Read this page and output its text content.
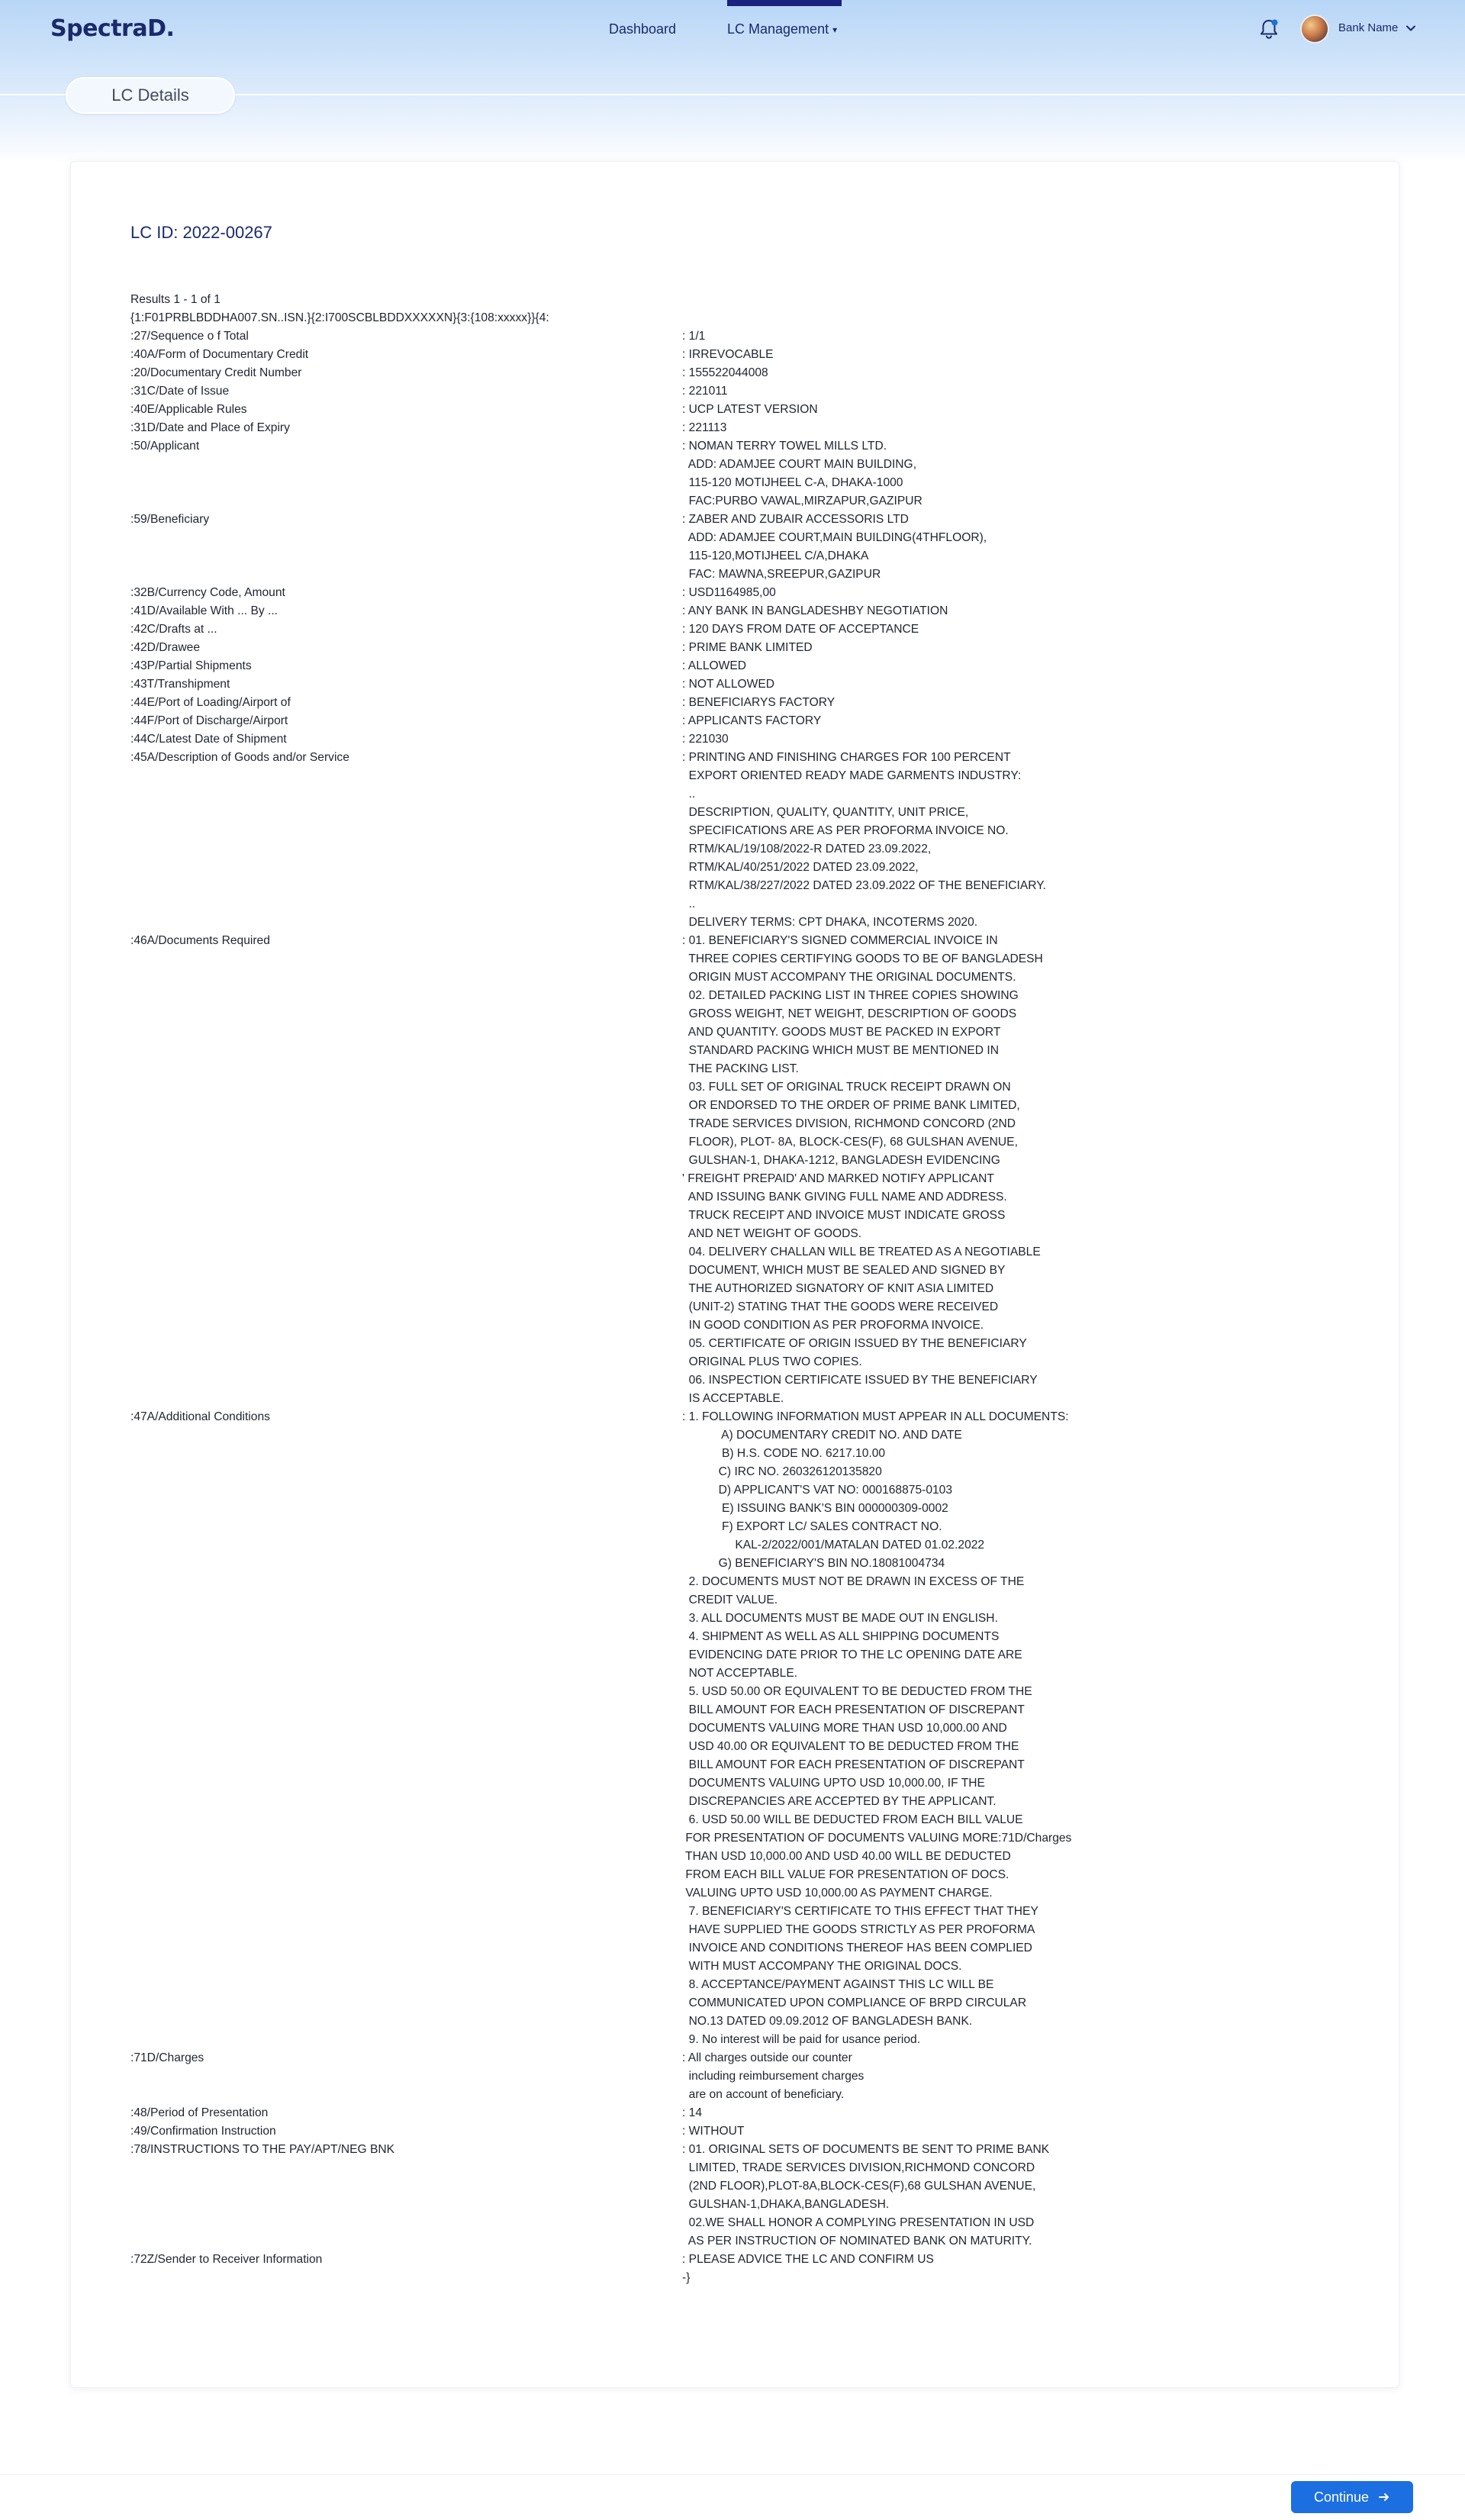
SpectraD.	Dashboard	LC Management ▾	Bank Name
LC Details
LC ID: 2022-00267
Results 1 - 1 of 1
{1:F01PRBLBDDHA007.SN..ISN.}{2:I700SCBLBDDXXXXXN}{3:{108:xxxxx}}{4:
:27/Sequence o f Total	: 1/1
:40A/Form of Documentary Credit	: IRREVOCABLE
:20/Documentary Credit Number	: 155522044008
:31C/Date of Issue	: 221011
:40E/Applicable Rules	: UCP LATEST VERSION
:31D/Date and Place of Expiry	: 221113
:50/Applicant	: NOMAN TERRY TOWEL MILLS LTD.
ADD: ADAMJEE COURT MAIN BUILDING,
115-120 MOTIJHEEL C-A, DHAKA-1000
FAC:PURBO VAWAL,MIRZAPUR,GAZIPUR
:59/Beneficiary	: ZABER AND ZUBAIR ACCESSORIS LTD
ADD: ADAMJEE COURT,MAIN BUILDING(4THFLOOR),
115-120,MOTIJHEEL C/A,DHAKA
FAC: MAWNA,SREEPUR,GAZIPUR
:32B/Currency Code, Amount	: USD1164985,00
:41D/Available With ... By ...	: ANY BANK IN BANGLADESHBY NEGOTIATION
:42C/Drafts at ...	: 120 DAYS FROM DATE OF ACCEPTANCE
:42D/Drawee	: PRIME BANK LIMITED
:43P/Partial Shipments	: ALLOWED
:43T/Transhipment	: NOT ALLOWED
:44E/Port of Loading/Airport of	: BENEFICIARYS FACTORY
:44F/Port of Discharge/Airport	: APPLICANTS FACTORY
:44C/Latest Date of Shipment	: 221030
:45A/Description of Goods and/or Service	: PRINTING AND FINISHING CHARGES FOR 100 PERCENT
EXPORT ORIENTED READY MADE GARMENTS INDUSTRY:
..
DESCRIPTION, QUALITY, QUANTITY, UNIT PRICE,
SPECIFICATIONS ARE AS PER PROFORMA INVOICE NO.
RTM/KAL/19/108/2022-R DATED 23.09.2022,
RTM/KAL/40/251/2022 DATED 23.09.2022,
RTM/KAL/38/227/2022 DATED 23.09.2022 OF THE BENEFICIARY.
..
DELIVERY TERMS: CPT DHAKA, INCOTERMS 2020.
:46A/Documents Required	: 01. BENEFICIARY'S SIGNED COMMERCIAL INVOICE IN
THREE COPIES CERTIFYING GOODS TO BE OF BANGLADESH
ORIGIN MUST ACCOMPANY THE ORIGINAL DOCUMENTS.
02. DETAILED PACKING LIST IN THREE COPIES SHOWING
GROSS WEIGHT, NET WEIGHT, DESCRIPTION OF GOODS
AND QUANTITY. GOODS MUST BE PACKED IN EXPORT
STANDARD PACKING WHICH MUST BE MENTIONED IN
THE PACKING LIST.
03. FULL SET OF ORIGINAL TRUCK RECEIPT DRAWN ON
OR ENDORSED TO THE ORDER OF PRIME BANK LIMITED,
TRADE SERVICES DIVISION, RICHMOND CONCORD (2ND
FLOOR), PLOT- 8A, BLOCK-CES(F), 68 GULSHAN AVENUE,
GULSHAN-1, DHAKA-1212, BANGLADESH EVIDENCING
' FREIGHT PREPAID' AND MARKED NOTIFY APPLICANT
AND ISSUING BANK GIVING FULL NAME AND ADDRESS.
TRUCK RECEIPT AND INVOICE MUST INDICATE GROSS
AND NET WEIGHT OF GOODS.
04. DELIVERY CHALLAN WILL BE TREATED AS A NEGOTIABLE
DOCUMENT, WHICH MUST BE SEALED AND SIGNED BY
THE AUTHORIZED SIGNATORY OF KNIT ASIA LIMITED
(UNIT-2) STATING THAT THE GOODS WERE RECEIVED
IN GOOD CONDITION AS PER PROFORMA INVOICE.
05. CERTIFICATE OF ORIGIN ISSUED BY THE BENEFICIARY
ORIGINAL PLUS TWO COPIES.
06. INSPECTION CERTIFICATE ISSUED BY THE BENEFICIARY
IS ACCEPTABLE.
:47A/Additional Conditions	: 1. FOLLOWING INFORMATION MUST APPEAR IN ALL DOCUMENTS:
A) DOCUMENTARY CREDIT NO. AND DATE
B) H.S. CODE NO. 6217.10.00
C) IRC NO. 260326120135820
D) APPLICANT'S VAT NO: 000168875-0103
E) ISSUING BANK'S BIN 000000309-0002
F) EXPORT LC/ SALES CONTRACT NO.
KAL-2/2022/001/MATALAN DATED 01.02.2022
G) BENEFICIARY'S BIN NO.18081004734
2. DOCUMENTS MUST NOT BE DRAWN IN EXCESS OF THE
CREDIT VALUE.
3. ALL DOCUMENTS MUST BE MADE OUT IN ENGLISH.
4. SHIPMENT AS WELL AS ALL SHIPPING DOCUMENTS
EVIDENCING DATE PRIOR TO THE LC OPENING DATE ARE
NOT ACCEPTABLE.
5. USD 50.00 OR EQUIVALENT TO BE DEDUCTED FROM THE
BILL AMOUNT FOR EACH PRESENTATION OF DISCREPANT
DOCUMENTS VALUING MORE THAN USD 10,000.00 AND
USD 40.00 OR EQUIVALENT TO BE DEDUCTED FROM THE
BILL AMOUNT FOR EACH PRESENTATION OF DISCREPANT
DOCUMENTS VALUING UPTO USD 10,000.00, IF THE
DISCREPANCIES ARE ACCEPTED BY THE APPLICANT.
6. USD 50.00 WILL BE DEDUCTED FROM EACH BILL VALUE
FOR PRESENTATION OF DOCUMENTS VALUING MORE:71D/Charges
THAN USD 10,000.00 AND USD 40.00 WILL BE DEDUCTED
FROM EACH BILL VALUE FOR PRESENTATION OF DOCS.
VALUING UPTO USD 10,000.00 AS PAYMENT CHARGE.
7. BENEFICIARY'S CERTIFICATE TO THIS EFFECT THAT THEY
HAVE SUPPLIED THE GOODS STRICTLY AS PER PROFORMA
INVOICE AND CONDITIONS THEREOF HAS BEEN COMPLIED
WITH MUST ACCOMPANY THE ORIGINAL DOCS.
8. ACCEPTANCE/PAYMENT AGAINST THIS LC WILL BE
COMMUNICATED UPON COMPLIANCE OF BRPD CIRCULAR
NO.13 DATED 09.09.2012 OF BANGLADESH BANK.
9. No interest will be paid for usance period.
:71D/Charges	: All charges outside our counter
including reimbursement charges
are on account of beneficiary.
:48/Period of Presentation	: 14
:49/Confirmation Instruction	: WITHOUT
:78/INSTRUCTIONS TO THE PAY/APT/NEG BNK	: 01. ORIGINAL SETS OF DOCUMENTS BE SENT TO PRIME BANK
LIMITED, TRADE SERVICES DIVISION,RICHMOND CONCORD
(2ND FLOOR),PLOT-8A,BLOCK-CES(F),68 GULSHAN AVENUE,
GULSHAN-1,DHAKA,BANGLADESH.
02.WE SHALL HONOR A COMPLYING PRESENTATION IN USD
AS PER INSTRUCTION OF NOMINATED BANK ON MATURITY.
:72Z/Sender to Receiver Information	: PLEASE ADVICE THE LC AND CONFIRM US
-}
Continue
